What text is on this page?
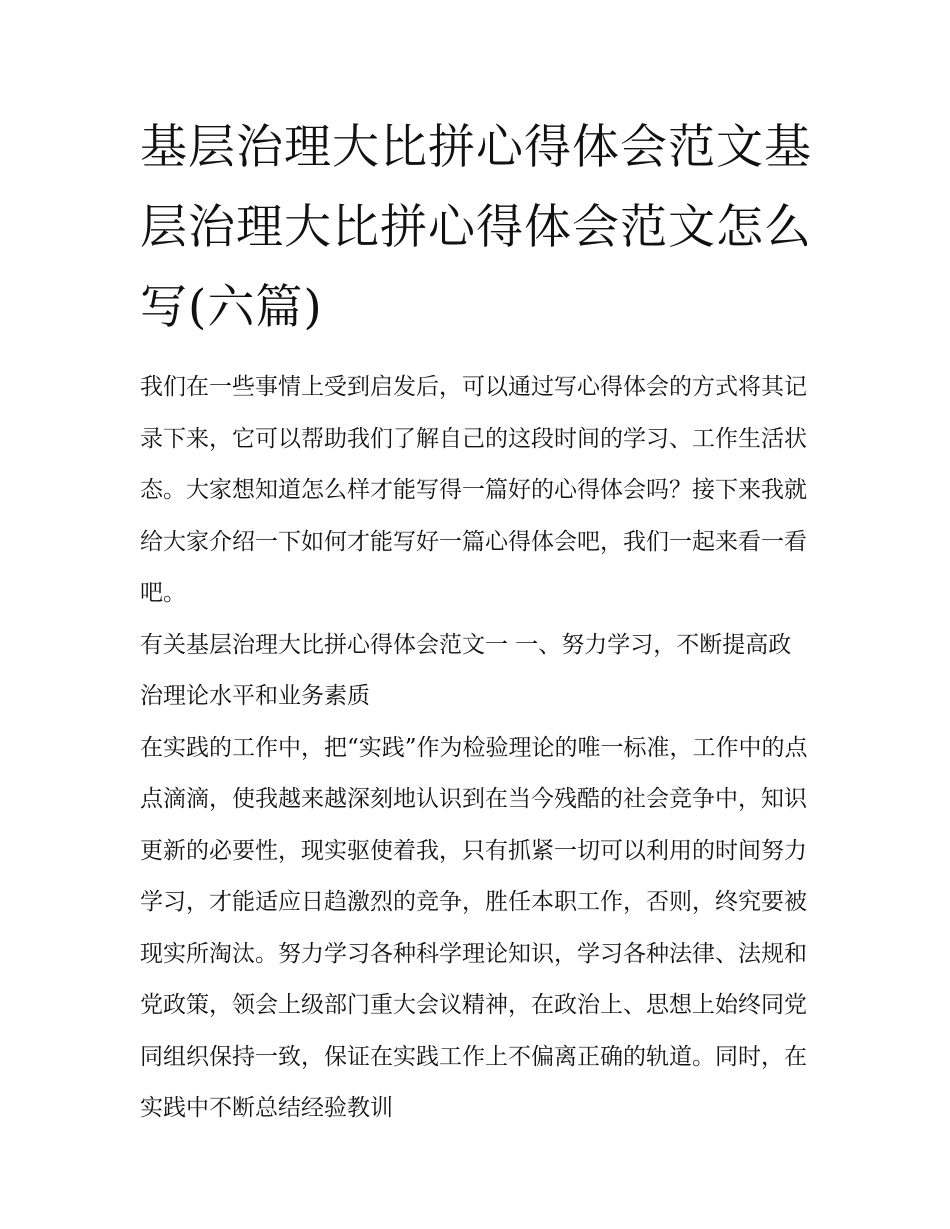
基层治理大比拼心得体会范文基层治理大比拼心得体会范文怎么写(六篇)

我们在一些事情上受到启发后，可以通过写心得体会的方式将其记录下来，它可以帮助我们了解自己的这段时间的学习、工作生活状态。大家想知道怎么样才能写得一篇好的心得体会吗？接下来我就给大家介绍一下如何才能写好一篇心得体会吧，我们一起来看一看吧。

有关基层治理大比拼心得体会范文一 一、努力学习，不断提高政治理论水平和业务素质

在实践的工作中，把“实践”作为检验理论的唯一标准，工作中的点点滴滴，使我越来越深刻地认识到在当今残酷的社会竞争中，知识更新的必要性，现实驱使着我，只有抓紧一切可以利用的时间努力学习，才能适应日趋激烈的竞争，胜任本职工作，否则，终究要被现实所淘汰。努力学习各种科学理论知识，学习各种法律、法规和党政策，领会上级部门重大会议精神，在政治上、思想上始终同党同组织保持一致，保证在实践工作上不偏离正确的轨道。同时，在实践中不断总结经验教训
